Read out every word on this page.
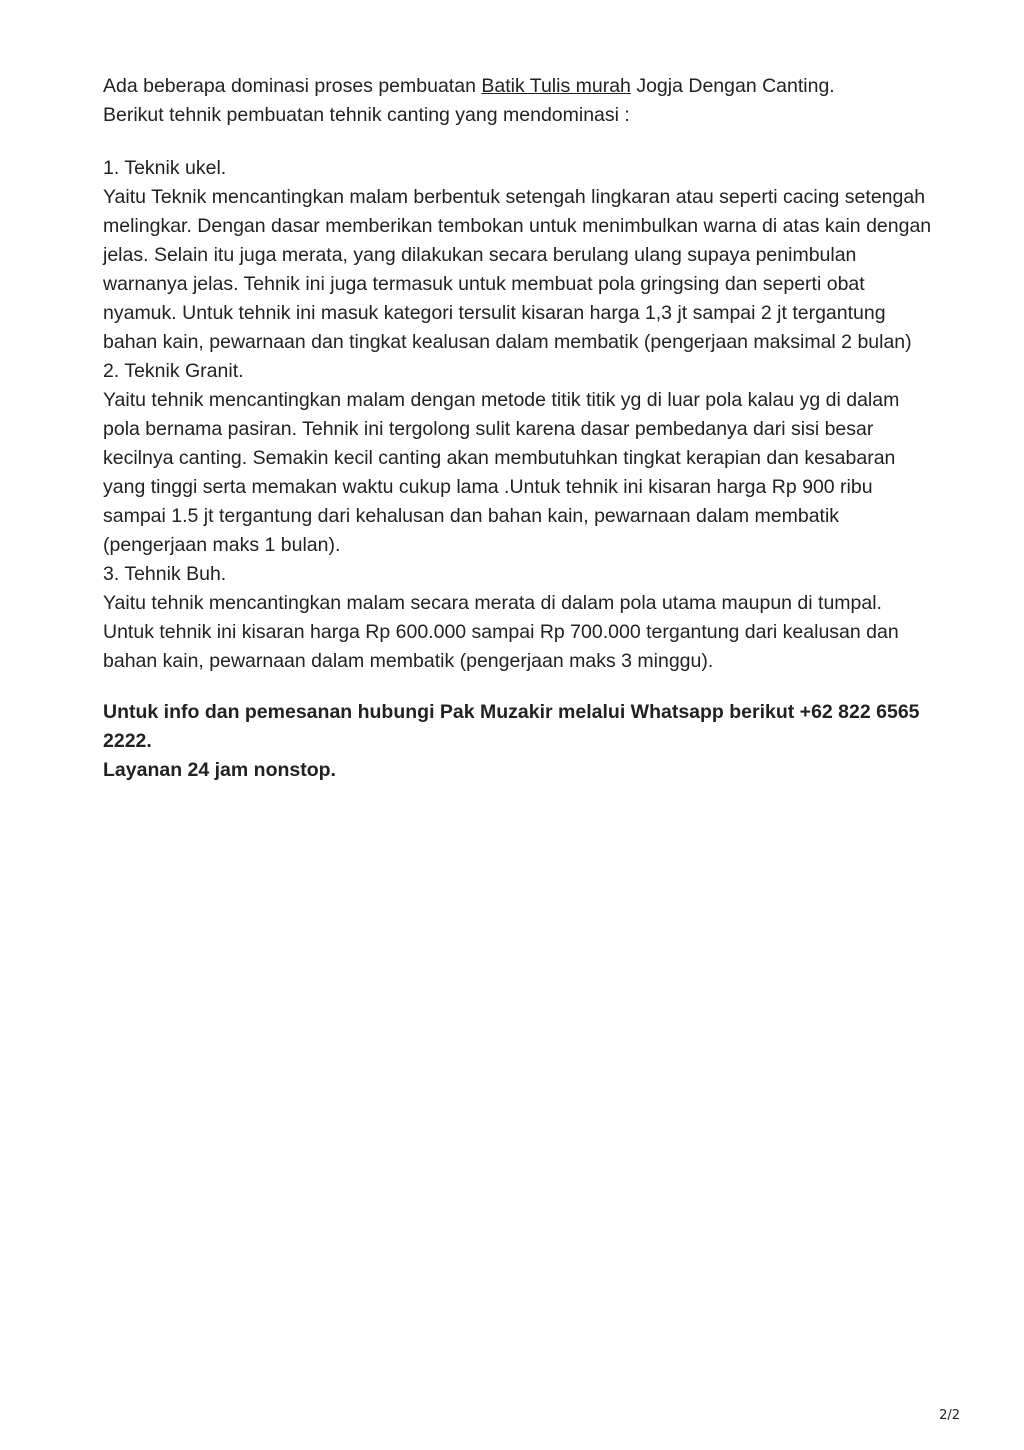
Ada beberapa dominasi proses pembuatan Batik Tulis murah Jogja Dengan Canting.
Berikut tehnik pembuatan tehnik canting yang mendominasi :

1. Teknik ukel.

Yaitu Teknik mencantingkan malam berbentuk setengah lingkaran atau seperti cacing setengah melingkar. Dengan dasar memberikan tembokan untuk menimbulkan warna di atas kain dengan jelas. Selain itu juga merata, yang dilakukan secara berulang ulang supaya penimbulan warnanya jelas. Tehnik ini juga termasuk untuk membuat pola gringsing dan seperti obat nyamuk. Untuk tehnik ini masuk kategori tersulit kisaran harga 1,3 jt sampai 2 jt tergantung bahan kain, pewarnaan dan tingkat kealusan dalam membatik (pengerjaan maksimal 2 bulan)

2. Teknik Granit.

Yaitu tehnik mencantingkan malam dengan metode titik titik yg di luar pola kalau yg di dalam pola bernama pasiran. Tehnik ini tergolong sulit karena dasar pembedanya dari sisi besar kecilnya canting. Semakin kecil canting akan membutuhkan tingkat kerapian dan kesabaran yang tinggi serta memakan waktu cukup lama .Untuk tehnik ini kisaran harga Rp 900 ribu sampai 1.5 jt tergantung dari kehalusan dan bahan kain, pewarnaan dalam membatik (pengerjaan maks 1 bulan).

3. Tehnik Buh.

Yaitu tehnik mencantingkan malam secara merata di dalam pola utama maupun di tumpal. Untuk tehnik ini kisaran harga Rp 600.000 sampai Rp 700.000 tergantung dari kealusan dan bahan kain, pewarnaan dalam membatik (pengerjaan maks 3 minggu).

Untuk info dan pemesanan hubungi Pak Muzakir melalui Whatsapp berikut +62 822 6565 2222.
Layanan 24 jam nonstop.

2/2
